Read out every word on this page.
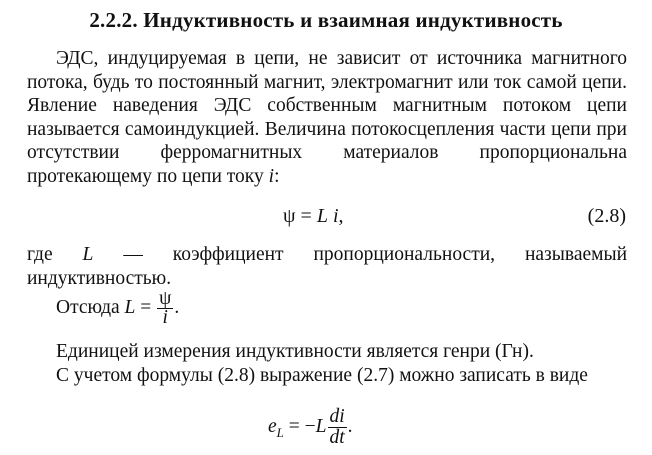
2.2.2. Индуктивность и взаимная индуктивность
ЭДС, индуцируемая в цепи, не зависит от источника магнитного потока, будь то постоянный магнит, электромагнит или ток самой цепи. Явление наведения ЭДС собственным магнитным потоком цепи называется самоиндукцией. Величина потокосцепления части цепи при отсутствии ферромагнитных материалов пропорциональна протекающему по цепи току i:
ψ = L i,	(2.8)
где L — коэффициент пропорциональности, называемый индуктивностью.
Отсюда $L = \frac{\psi}{i}$ .
Единицей измерения индуктивности является генри (Гн).
С учетом формулы (2.8) выражение (2.7) можно записать в виде
$e_L = -L \frac{di}{dt}$ .
